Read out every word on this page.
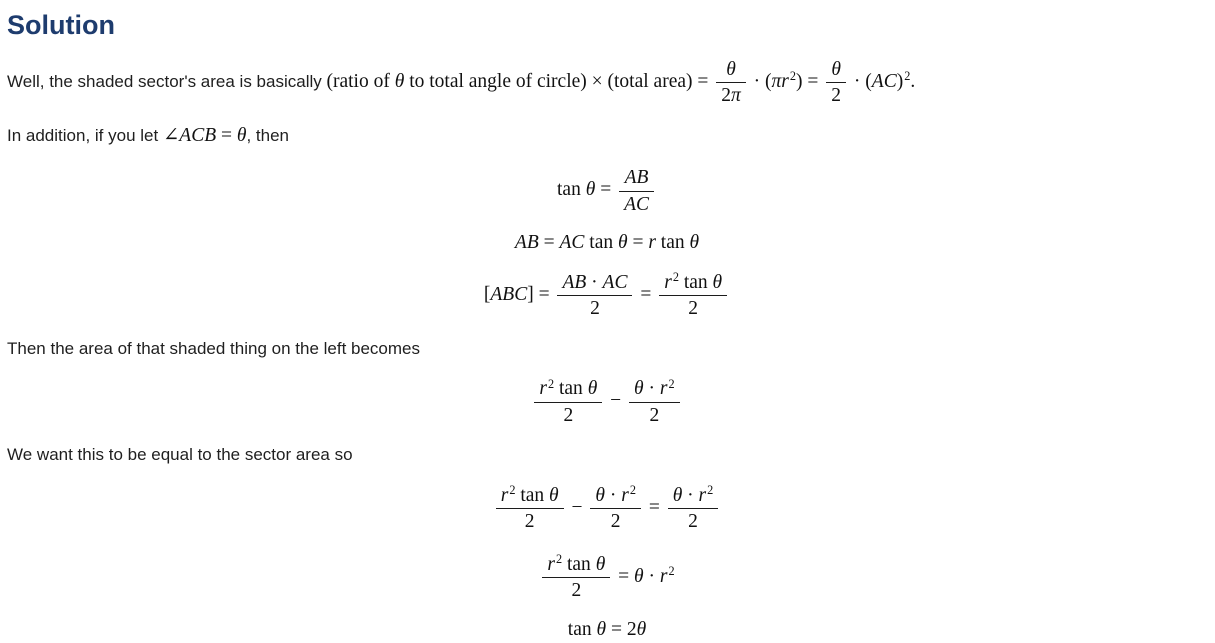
Solution

Well, the shaded sector's area is basically (ratio of θ to total angle of circle) × (total area) = $\frac{\theta}{2\pi} \cdot (\pi r^2) = \frac{\theta}{2} \cdot (AC)^2$.

In addition, if you let ∠ACB = θ, then

$\tan \theta = \frac{AB}{AC}$
AB = AC tan θ = r tan θ
$[ABC] = \frac{AB \cdot AC}{2} = \frac{r^2 \tan \theta}{2}$

Then the area of that shaded thing on the left becomes

$\frac{r^2 \tan \theta}{2} - \frac{\theta \cdot r^2}{2}$

We want this to be equal to the sector area so

$\frac{r^2 \tan \theta}{2} - \frac{\theta \cdot r^2}{2} = \frac{\theta \cdot r^2}{2}$
$\frac{r^2 \tan \theta}{2} = \theta \cdot r^2$
tan θ = 2θ
